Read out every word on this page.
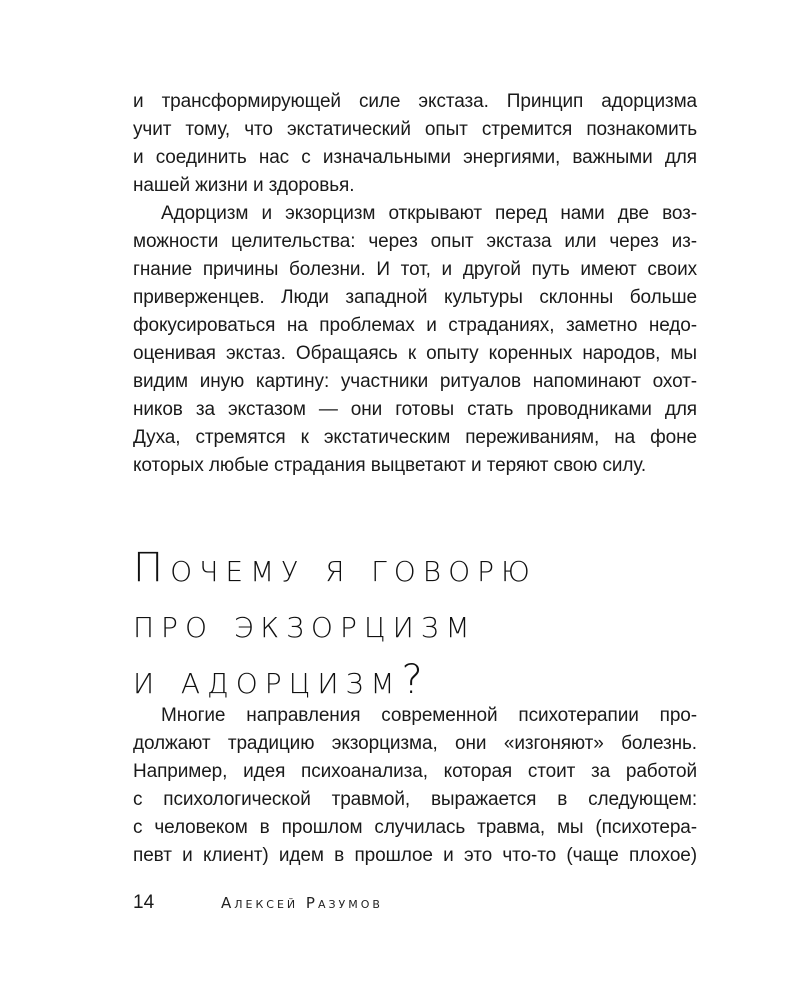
и трансформирующей силе экстаза. Принцип адорцизма
учит тому, что экстатический опыт стремится познакомить
и соединить нас с изначальными энергиями, важными для
нашей жизни и здоровья.

Адорцизм и экзорцизм открывают перед нами две воз-
можности целительства: через опыт экстаза или через из-
гнание причины болезни. И тот, и другой путь имеют своих
приверженцев. Люди западной культуры склонны больше
фокусироваться на проблемах и страданиях, заметно недо-
оценивая экстаз. Обращаясь к опыту коренных народов, мы
видим иную картину: участники ритуалов напоминают охот-
ников за экстазом — они готовы стать проводниками для
Духа, стремятся к экстатическим переживаниям, на фоне
которых любые страдания выцветают и теряют свою силу.

Почему я говорю
про экзорцизм
и адорцизм?

Многие направления современной психотерапии про-
должают традицию экзорцизма, они «изгоняют» болезнь.
Например, идея психоанализа, которая стоит за работой
с психологической травмой, выражается в следующем:
с человеком в прошлом случилась травма, мы (психотера-
певт и клиент) идем в прошлое и это что-то (чаще плохое)

14	Алексей Разумов
